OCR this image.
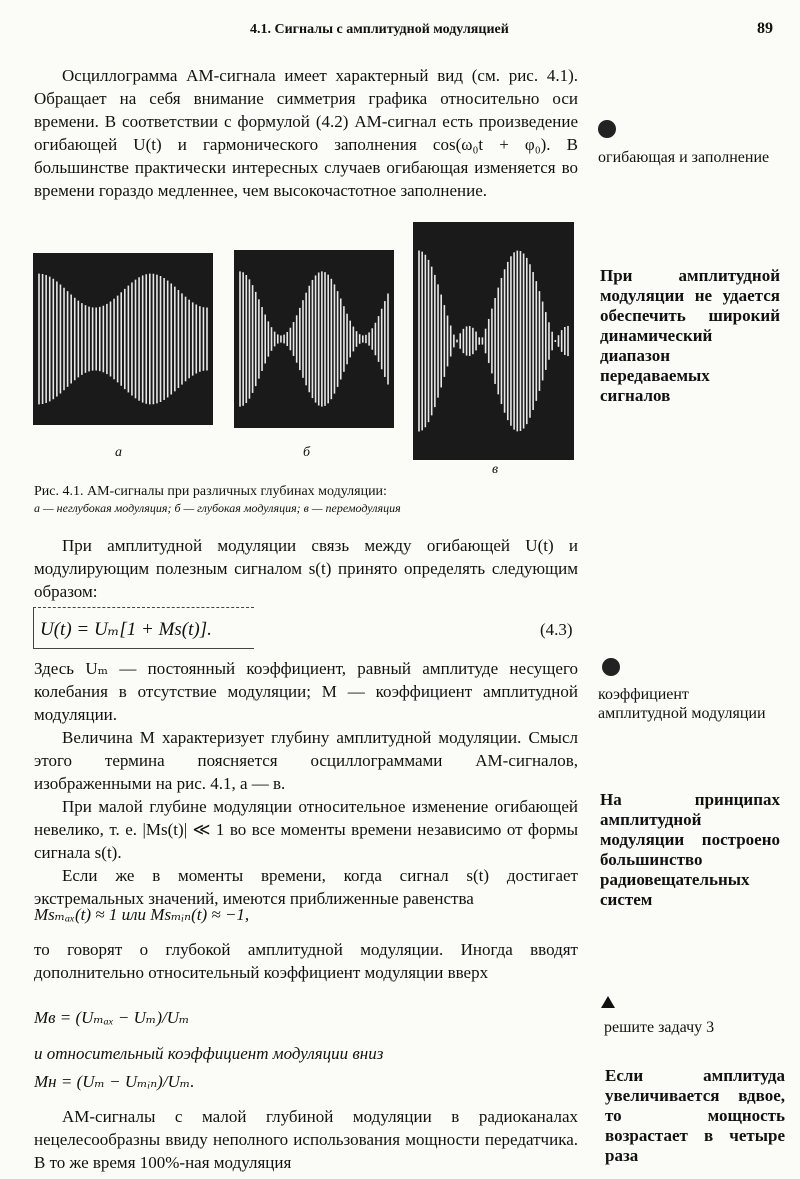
4.1. Сигналы с амплитудной модуляцией	89

Осциллограмма АМ-сигнала имеет характерный вид (см. рис. 4.1). Обращает на себя внимание симметрия графика относительно оси времени. В соответствии с формулой (4.2) АМ-сигнал есть произведение огибающей U(t) и гармонического заполнения cos(ω₀t + φ₀). В большинстве практически интересных случаев огибающая изменяется во времени гораздо медленнее, чем высокочастотное заполнение.

а	б
в
Рис. 4.1. АМ-сигналы при различных глубинах модуляции:
а — неглубокая модуляция; б — глубокая модуляция; в — перемодуляция

При амплитудной модуляции связь между огибающей U(t) и модулирующим полезным сигналом s(t) принято определять следующим образом:

U(t) = Uₘ[1 + Ms(t)].	(4.3)

Здесь Uₘ — постоянный коэффициент, равный амплитуде несущего колебания в отсутствие модуляции; M — коэффициент амплитудной модуляции.

Величина M характеризует глубину амплитудной модуляции. Смысл этого термина поясняется осциллограммами АМ-сигналов, изображенными на рис. 4.1, а — в.

При малой глубине модуляции относительное изменение огибающей невелико, т. е. |Ms(t)| ≪ 1 во все моменты времени независимо от формы сигнала s(t).

Если же в моменты времени, когда сигнал s(t) достигает экстремальных значений, имеются приближенные равенства

Msₘₐₓ(t) ≈ 1 или Msₘᵢₙ(t) ≈ −1,

то говорят о глубокой амплитудной модуляции. Иногда вводят дополнительно относительный коэффициент модуляции вверх

Mв = (Uₘₐₓ − Uₘ)/Uₘ

и относительный коэффициент модуляции вниз

Mн = (Uₘ − Uₘᵢₙ)/Uₘ.

АМ-сигналы с малой глубиной модуляции в радиоканалах нецелесообразны ввиду неполного использования мощности передатчика. В то же время 100%-ная модуляция

огибающая и заполнение
При амплитудной модуляции не удается обеспечить широкий динамический диапазон передаваемых сигналов
коэффициент амплитудной модуляции
На принципах амплитудной модуляции построено большинство радиовещательных систем
решите задачу 3
Если амплитуда увеличивается вдвое, то мощность возрастает в четыре раза
